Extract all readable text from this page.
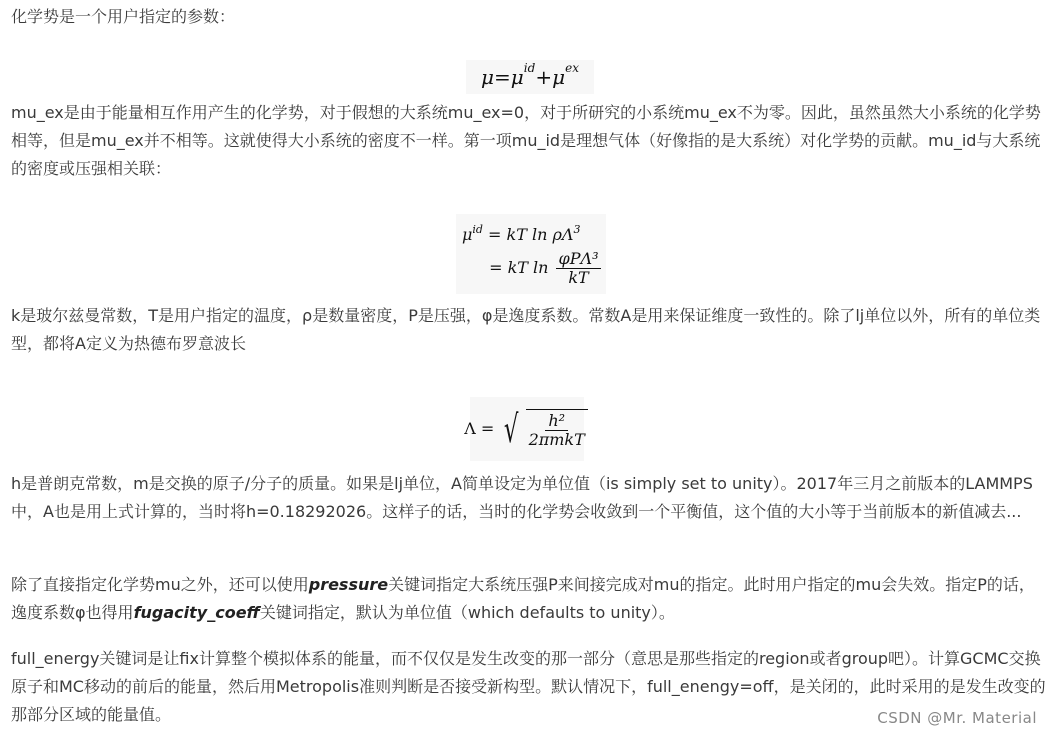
化学势是一个用户指定的参数：

μ = μ id + μ ex

mu_ex是由于能量相互作用产生的化学势，对于假想的大系统mu_ex=0，对于所研究的小系统mu_ex不为零。因此，虽然虽然大小系统的化学势相等，但是mu_ex并不相等。这就使得大小系统的密度不一样。第一项mu_id是理想气体（好像指的是大系统）对化学势的贡献。mu_id与大系统的密度或压强相关联：

$\mu^{id}$ = kT $\ln \rho\Lambda^3$
= kT $\ln \frac{\text{φPΛ³}}{kT}$

k是玻尔兹曼常数，T是用户指定的温度，ρ是数量密度，P是压强，φ是逸度系数。常数A是用来保证维度一致性的。除了lj单位以外，所有的单位类型，都将A定义为热德布罗意波长

Λ = √ $\frac{\text{h²}}{\text{2πmkT}}$

h是普朗克常数，m是交换的原子/分子的质量。如果是lj单位，A简单设定为单位值（is simply set to unity）。2017年三月之前版本的LAMMPS中，A也是用上式计算的，当时将h=0.18292026。这样子的话，当时的化学势会收敛到一个平衡值，这个值的大小等于当前版本的新值减去...

除了直接指定化学势mu之外，还可以使用pressure关键词指定大系统压强P来间接完成对mu的指定。此时用户指定的mu会失效。指定P的话，逸度系数φ也得用fugacity_coeff关键词指定，默认为单位值（which defaults to unity）。

full_energy关键词是让fix计算整个模拟体系的能量，而不仅仅是发生改变的那一部分（意思是那些指定的region或者group吧）。计算GCMC交换原子和MC移动的前后的能量，然后用Metropolis准则判断是否接受新构型。默认情况下，full_enengy=off，是关闭的，此时采用的是发生改变的那部分区域的能量值。	CSDN @Mr. Material
